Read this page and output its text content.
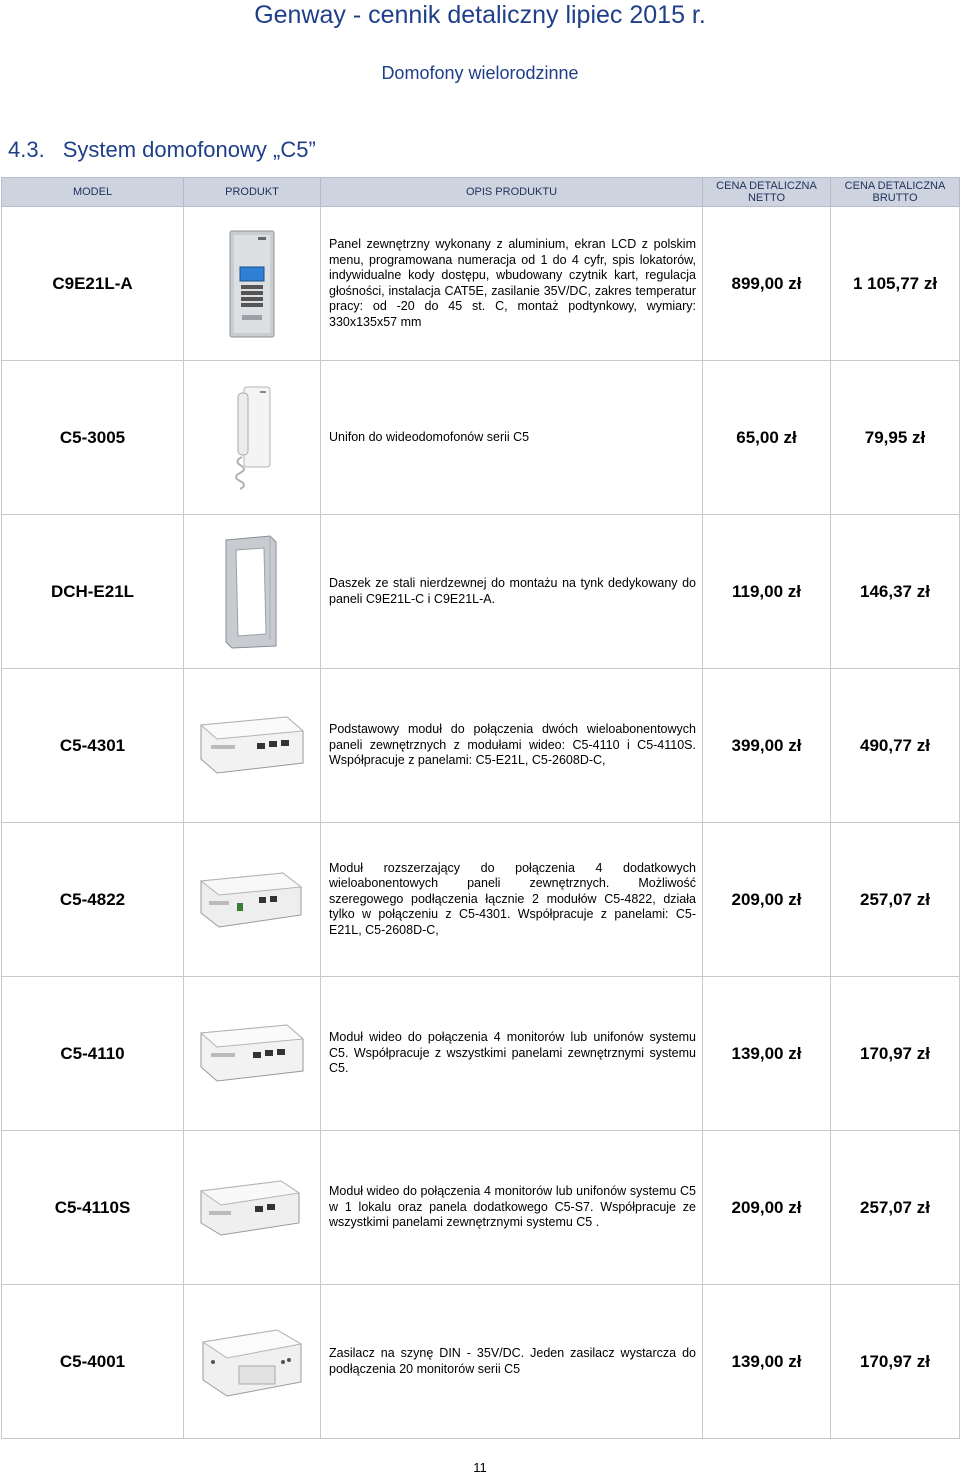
Genway - cennik detaliczny lipiec 2015 r.
Domofony wielorodzinne
4.3. System domofonowy „C5”
MODEL	PRODUKT	OPIS PRODUKTU	CENA DETALICZNA NETTO	CENA DETALICZNA BRUTTO
C9E21L-A		Panel zewnętrzny wykonany z aluminium, ekran LCD z polskim menu, programowana numeracja od 1 do 4 cyfr, spis lokatorów, indywidualne kody dostępu, wbudowany czytnik kart, regulacja głośności, instalacja CAT5E, zasilanie 35V/DC, zakres temperatur pracy: od -20 do 45 st. C, montaż podtynkowy, wymiary: 330x135x57 mm	899,00 zł	1 105,77 zł
C5-3005		Unifon do wideodomofonów serii C5	65,00 zł	79,95 zł
DCH-E21L		Daszek ze stali nierdzewnej do montażu na tynk dedykowany do paneli C9E21L-C i C9E21L-A.	119,00 zł	146,37 zł
C5-4301		Podstawowy moduł do połączenia dwóch wieloabonentowych paneli zewnętrznych z modułami wideo: C5-4110 i C5-4110S. Współpracuje z panelami: C5-E21L, C5-2608D-C,	399,00 zł	490,77 zł
C5-4822		Moduł rozszerzający do połączenia 4 dodatkowych wieloabonentowych paneli zewnętrznych. Możliwość szeregowego podłączenia łącznie 2 modułów C5-4822, działa tylko w połączeniu z C5-4301. Współpracuje z panelami: C5-E21L, C5-2608D-C,	209,00 zł	257,07 zł
C5-4110		Moduł wideo do połączenia 4 monitorów lub unifonów systemu C5. Współpracuje z wszystkimi panelami zewnętrznymi systemu C5.	139,00 zł	170,97 zł
C5-4110S		Moduł wideo do połączenia 4 monitorów lub unifonów systemu C5 w 1 lokalu oraz panela dodatkowego C5-S7. Współpracuje ze wszystkimi panelami zewnętrznymi systemu C5 .	209,00 zł	257,07 zł
C5-4001		Zasilacz na szynę DIN - 35V/DC. Jeden zasilacz wystarcza do podłączenia 20 monitorów serii C5	139,00 zł	170,97 zł
11
